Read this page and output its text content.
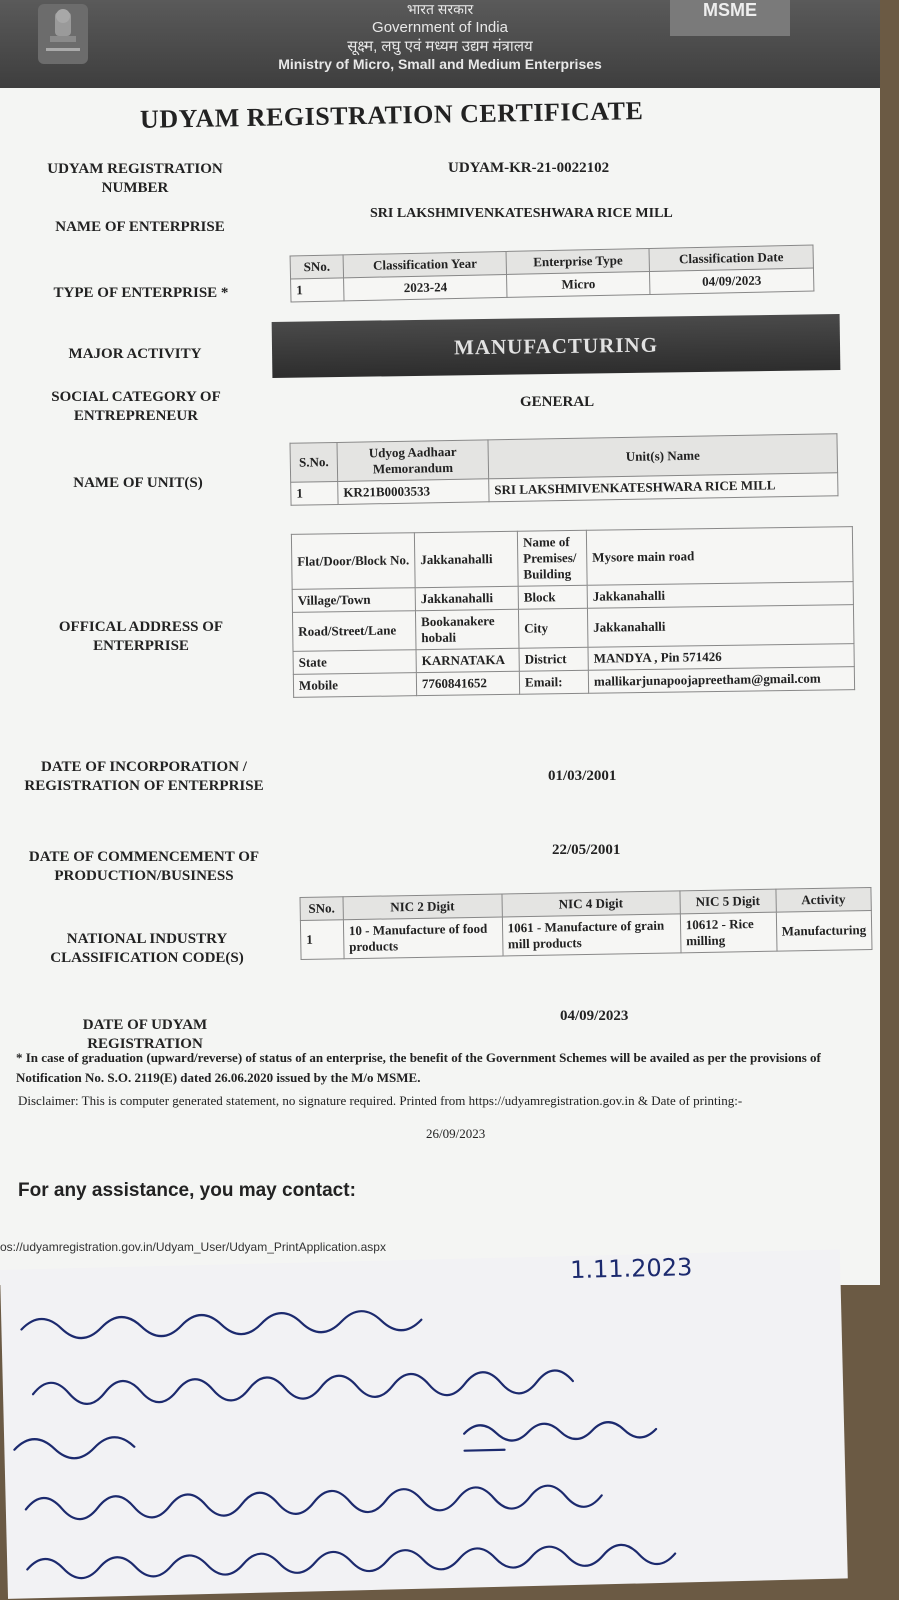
भारत सरकार
Government of India
सूक्ष्म, लघु एवं मध्यम उद्यम मंत्रालय
Ministry of Micro, Small and Medium Enterprises
MSME
UDYAM REGISTRATION CERTIFICATE
UDYAM REGISTRATION NUMBER
UDYAM-KR-21-0022102
NAME OF ENTERPRISE
SRI LAKSHMIVENKATESHWARA RICE MILL
TYPE OF ENTERPRISE *
SNo.	Classification Year	Enterprise Type	Classification Date
1	2023-24	Micro	04/09/2023
MAJOR ACTIVITY	MANUFACTURING
SOCIAL CATEGORY OF ENTREPRENEUR
GENERAL
NAME OF UNIT(S)
S.No.	Udyog Aadhaar Memorandum	Unit(s) Name
1	KR21B0003533	SRI LAKSHMIVENKATESHWARA RICE MILL
OFFICAL ADDRESS OF ENTERPRISE
Flat/Door/Block No.	Jakkanahalli	Name of Premises/ Building	Mysore main road
Village/Town	Jakkanahalli	Block	Jakkanahalli
Road/Street/Lane	Bookanakere hobali	City	Jakkanahalli
State	KARNATAKA	District	MANDYA , Pin 571426
Mobile	7760841652	Email:	mallikarjunapoojapreetham@gmail.com
DATE OF INCORPORATION / REGISTRATION OF ENTERPRISE
01/03/2001
DATE OF COMMENCEMENT OF PRODUCTION/BUSINESS
22/05/2001
NATIONAL INDUSTRY CLASSIFICATION CODE(S)
SNo.	NIC 2 Digit	NIC 4 Digit	NIC 5 Digit	Activity
1	10 - Manufacture of food products	1061 - Manufacture of grain mill products	10612 - Rice milling	Manufacturing
DATE OF UDYAM REGISTRATION
04/09/2023
* In case of graduation (upward/reverse) of status of an enterprise, the benefit of the Government Schemes will be availed as per the provisions of Notification No. S.O. 2119(E) dated 26.06.2020 issued by the M/o MSME.
Disclaimer: This is computer generated statement, no signature required. Printed from https://udyamregistration.gov.in & Date of printing:-
26/09/2023
For any assistance, you may contact:
os://udyamregistration.gov.in/Udyam_User/Udyam_PrintApplication.aspx
1.11.2023
